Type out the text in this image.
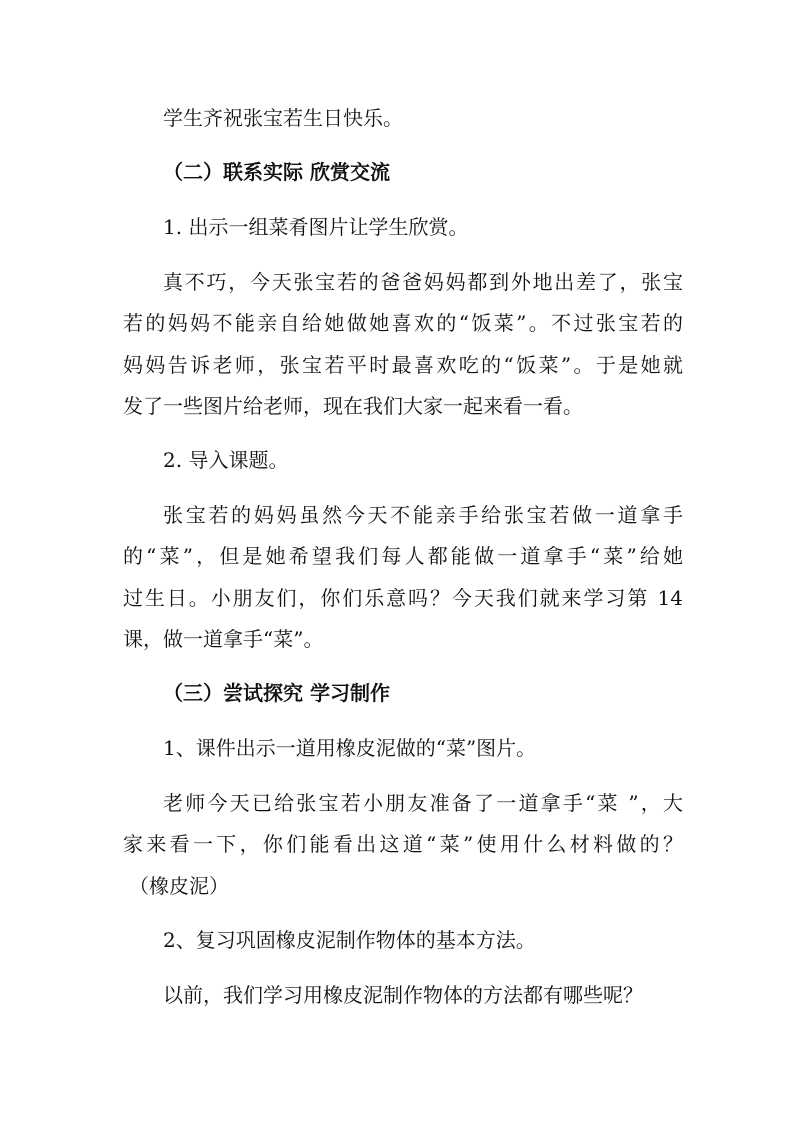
学生齐祝张宝若生日快乐。
（二）联系实际 欣赏交流
1. 出示一组菜肴图片让学生欣赏。
真不巧，今天张宝若的爸爸妈妈都到外地出差了，张宝
若的妈妈不能亲自给她做她喜欢的“饭菜”。不过张宝若的
妈妈告诉老师，张宝若平时最喜欢吃的“饭菜”。于是她就
发了一些图片给老师，现在我们大家一起来看一看。
2. 导入课题。
张宝若的妈妈虽然今天不能亲手给张宝若做一道拿手
的“菜”，但是她希望我们每人都能做一道拿手“菜”给她
过生日。小朋友们，你们乐意吗？今天我们就来学习第 14
课，做一道拿手“菜”。
（三）尝试探究 学习制作
1、课件出示一道用橡皮泥做的“菜”图片。
老师今天已给张宝若小朋友准备了一道拿手“菜 ”，大
家来看一下，你们能看出这道“菜”使用什么材料做的？
（橡皮泥）
2、复习巩固橡皮泥制作物体的基本方法。
以前，我们学习用橡皮泥制作物体的方法都有哪些呢？
